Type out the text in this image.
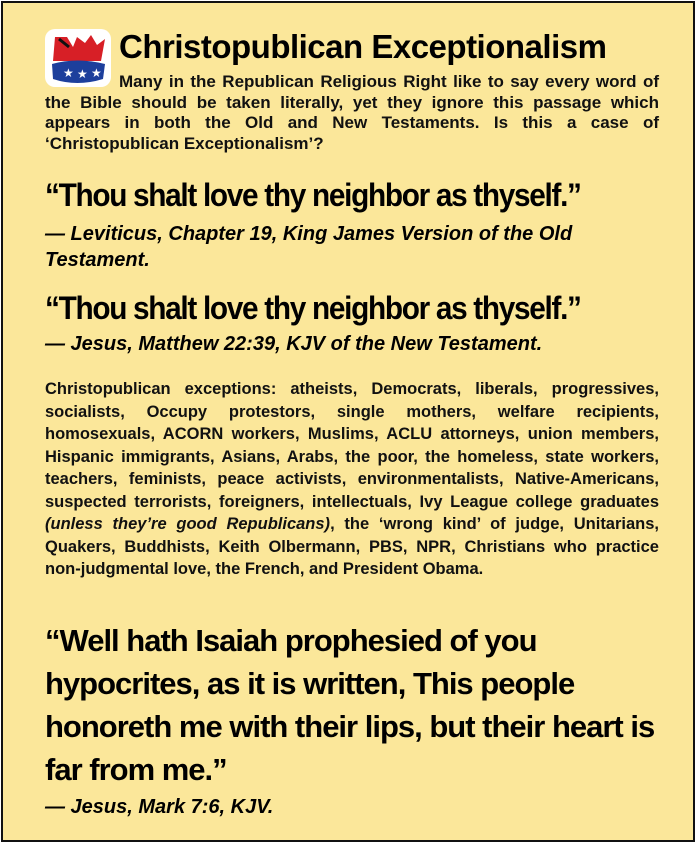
★ ★ ★
Christopublican Exceptionalism

Many in the Republican Religious Right like to say every word of the Bible should be taken literally, yet they ignore this passage which appears in both the Old and New Testaments. Is this a case of ‘Christopublican Exceptionalism’?

“Thou shalt love thy neighbor as thyself.”

— Leviticus, Chapter 19, King James Version of the Old Testament.

“Thou shalt love thy neighbor as thyself.”

— Jesus, Matthew 22:39, KJV of the New Testament.

Christopublican exceptions: atheists, Democrats, liberals, progressives, socialists, Occupy protestors, single mothers, welfare recipients, homosexuals, ACORN workers, Muslims, ACLU attorneys, union members, Hispanic immigrants, Asians, Arabs, the poor, the homeless, state workers, teachers, feminists, peace activists, environmentalists, Native-Americans, suspected terrorists, foreigners, intellectuals, Ivy League college graduates (unless they’re good Republicans), the ‘wrong kind’ of judge, Unitarians, Quakers, Buddhists, Keith Olbermann, PBS, NPR, Christians who practice non-judgmental love, the French, and President Obama.

“Well hath Isaiah prophesied of you hypocrites, as it is written, This people honoreth me with their lips, but their heart is far from me.”

— Jesus, Mark 7:6, KJV.
